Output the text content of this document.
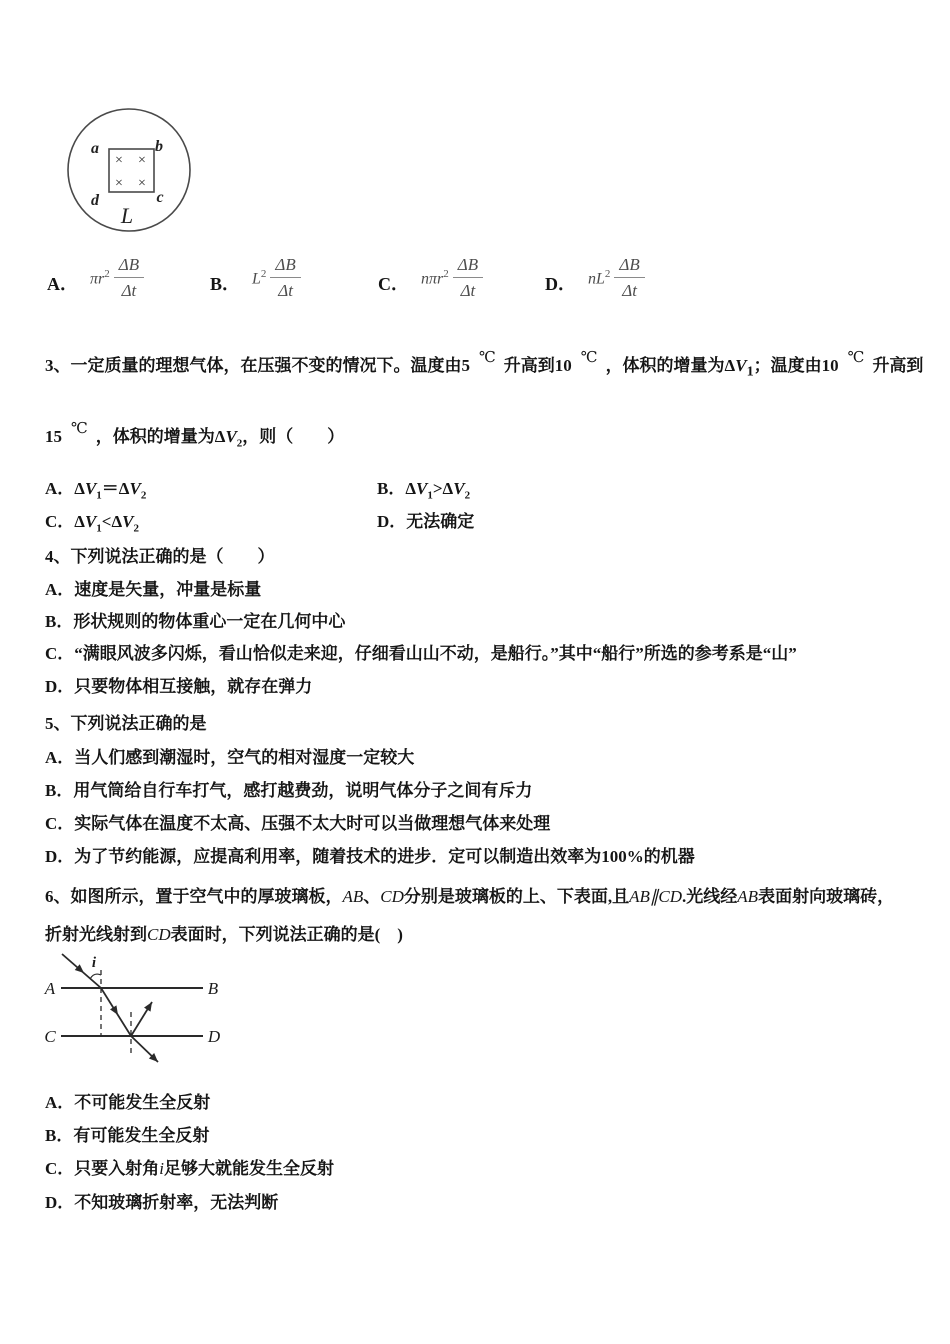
× ×
× ×
a	b
c
d
L
A． $\pi r^2 \frac{\Delta B}{\Delta t}$	B． $L^2 \frac{\Delta B}{\Delta t}$	C． $n\pi r^2 \frac{\Delta B}{\Delta t}$	D． $nL^2 \frac{\Delta B}{\Delta t}$
3、一定质量的理想气体，在压强不变的情况下。温度由5 ℃ 升高到10 ℃ ，体积的增量为$\Delta V_1$；温度由10 ℃ 升高到
15 ℃ ，体积的增量为$\Delta V_2$，则（　　）
A．$\Delta V_1=\Delta V_2$	B．$\Delta V_1>\Delta V_2$
C．$\Delta V_1<\Delta V_2$	D．无法确定
4、下列说法正确的是（　　）
A．速度是矢量，冲量是标量
B．形状规则的物体重心一定在几何中心
C．“满眼风波多闪烁，看山恰似走来迎，仔细看山山不动，是船行。”其中“船行”所选的参考系是“山”
D．只要物体相互接触，就存在弹力
5、下列说法正确的是
A．当人们感到潮湿时，空气的相对湿度一定较大
B．用气筒给自行车打气，感打越费劲，说明气体分子之间有斥力
C．实际气体在温度不太高、压强不太大时可以当做理想气体来处理
D．为了节约能源，应提高利用率，随着技术的进步．定可以制造出效率为100%的机器
6、如图所示，置于空气中的厚玻璃板，AB、CD分别是玻璃板的上、下表面,且AB∥CD.光线经AB表面射向玻璃砖，
折射光线射到CD表面时，下列说法正确的是(　)
i
A	B
C	D
A．不可能发生全反射
B．有可能发生全反射
C．只要入射角i足够大就能发生全反射
D．不知玻璃折射率，无法判断
